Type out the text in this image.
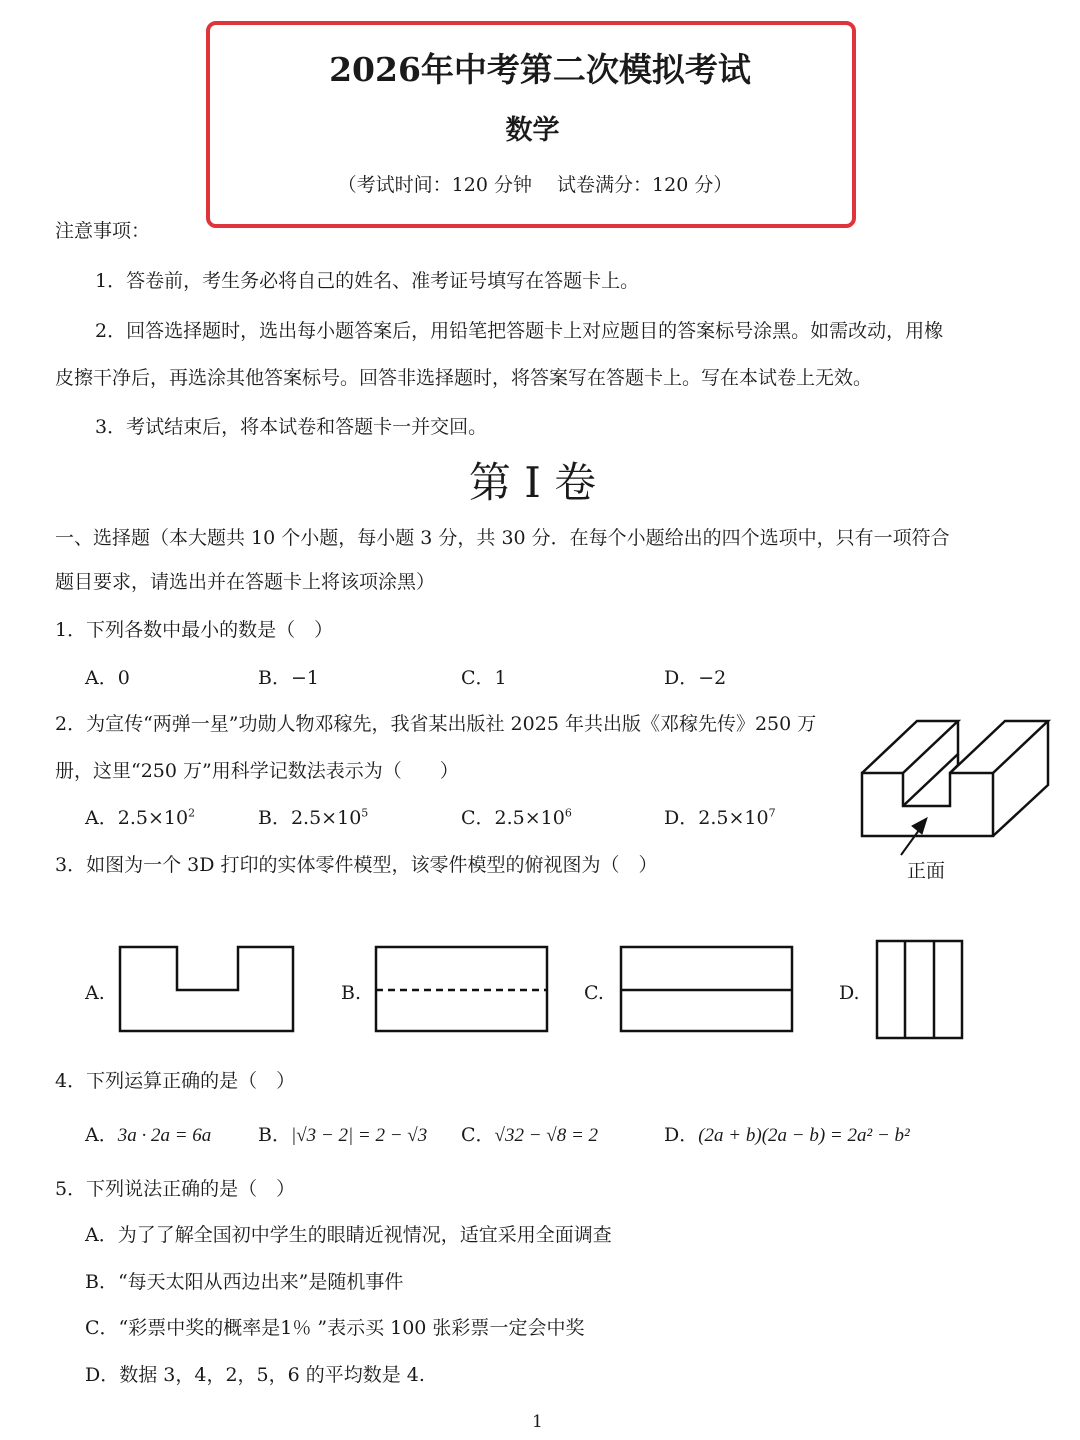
2026年中考第二次模拟考试
数学
（考试时间：120 分钟　 试卷满分：120 分）
注意事项：
1．答卷前，考生务必将自己的姓名、准考证号填写在答题卡上。
2．回答选择题时，选出每小题答案后，用铅笔把答题卡上对应题目的答案标号涂黑。如需改动，用橡
皮擦干净后，再选涂其他答案标号。回答非选择题时，将答案写在答题卡上。写在本试卷上无效。
3．考试结束后，将本试卷和答题卡一并交回。
第 I 卷
一、选择题（本大题共 10 个小题，每小题 3 分，共 30 分．在每个小题给出的四个选项中，只有一项符合
题目要求，请选出并在答题卡上将该项涂黑）
1．下列各数中最小的数是（　）
A．0	B．−1	C．1	D．−2
2．为宣传“两弹一星”功勋人物邓稼先，我省某出版社 2025 年共出版《邓稼先传》250 万
册，这里“250 万”用科学记数法表示为（　　）
A．$2.5\times 10^2$	B．$2.5\times 10^5$	C．$2.5\times 10^6$	D．$2.5\times 10^7$
3．如图为一个 3D 打印的实体零件模型，该零件模型的俯视图为（　）	正面
A.	B.	C.	D.
4．下列运算正确的是（　）
A．3a · 2a = 6a B．|√3 − 2| = 2 − √3 C．√32 − √8 = 2	D．(2a + b)(2a − b) = 2a² − b²
5．下列说法正确的是（　）
A．为了了解全国初中学生的眼睛近视情况，适宜采用全面调查
B．“每天太阳从西边出来”是随机事件
C．“彩票中奖的概率是1％ ”表示买 100 张彩票一定会中奖
D．数据 3，4，2，5，6 的平均数是 4.
1
